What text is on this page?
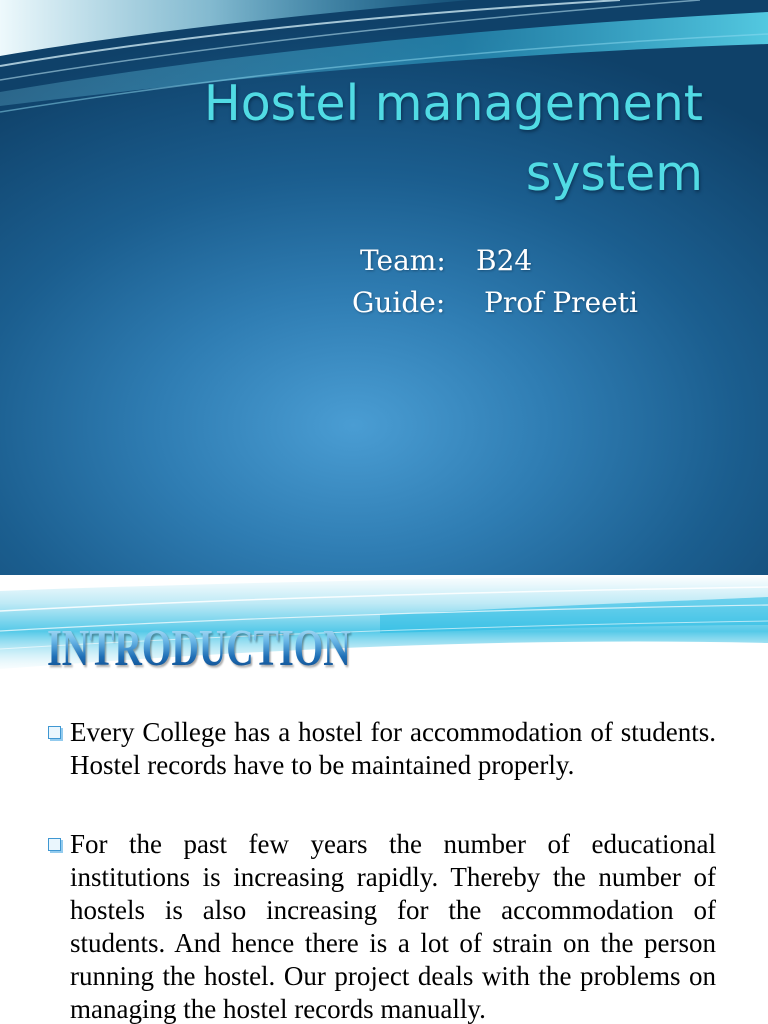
Hostel management system
Team: B24
Guide: Prof Preeti
INTRODUCTION

Every College has a hostel for accommodation of students. Hostel records have to be maintained properly.

For the past few years the number of educational institutions is increasing rapidly. Thereby the number of hostels is also increasing for the accommodation of students. And hence there is a lot of strain on the person running the hostel. Our project deals with the problems on managing the hostel records manually.
